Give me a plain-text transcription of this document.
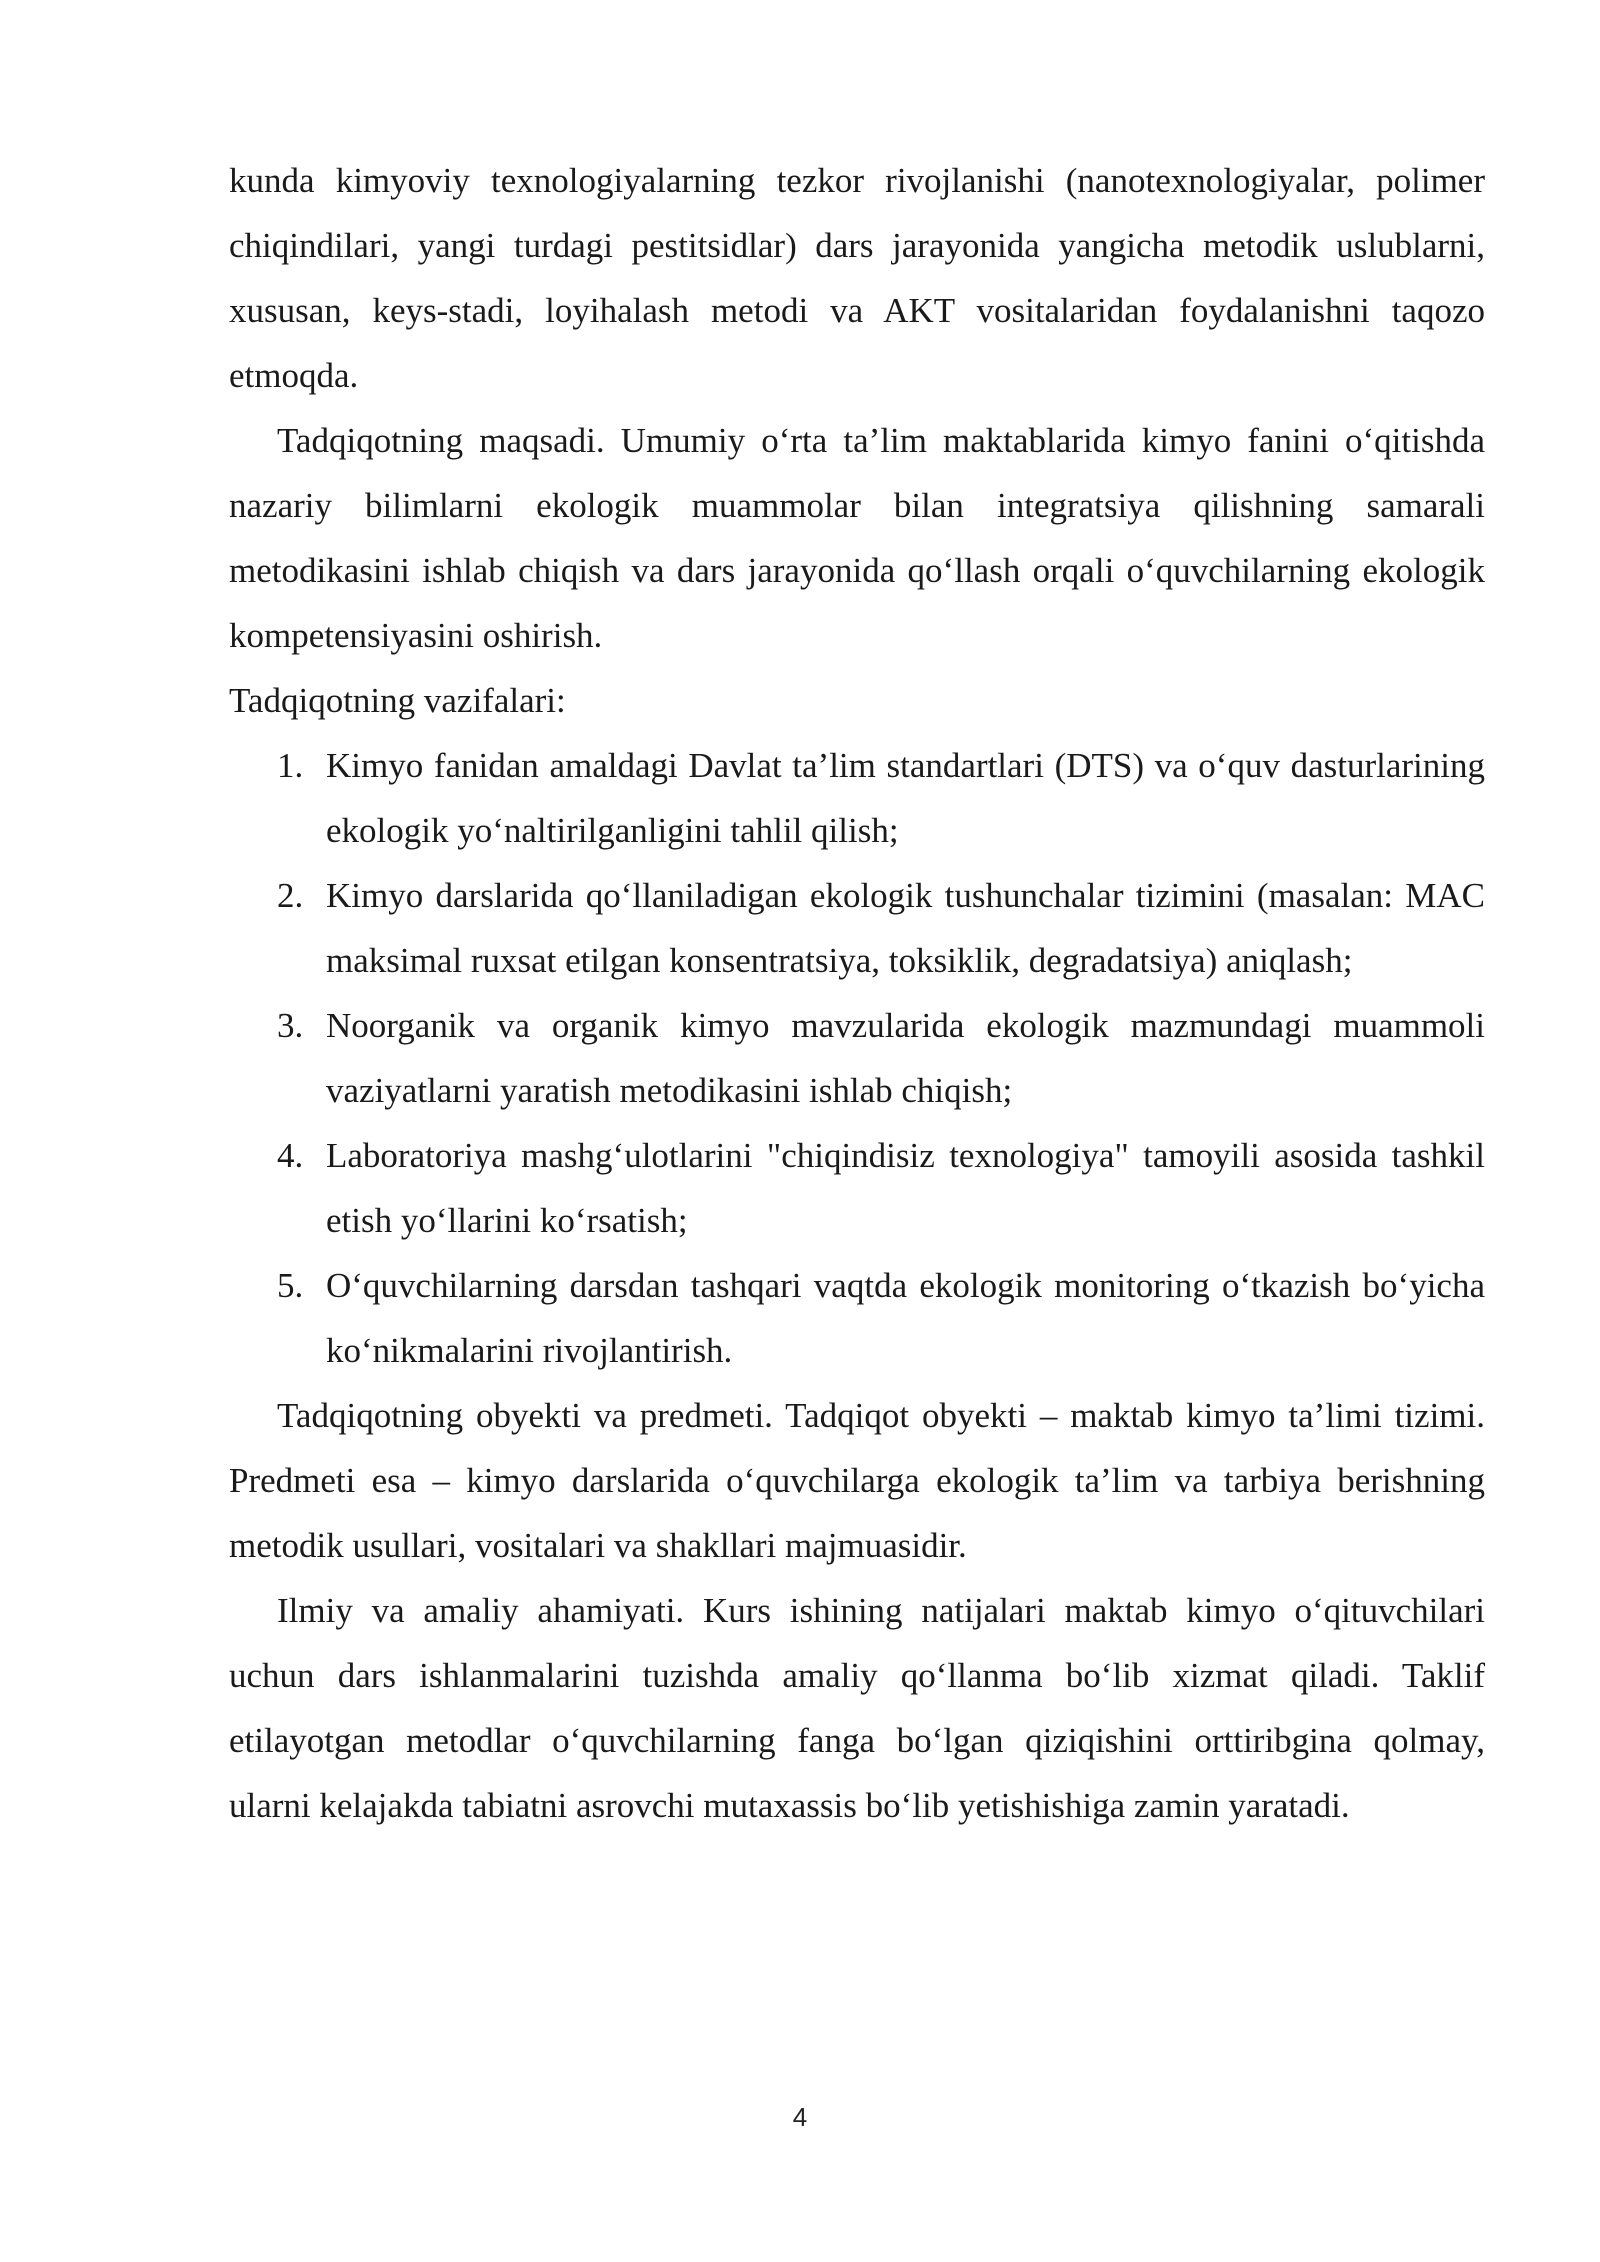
kunda kimyoviy texnologiyalarning tezkor rivojlanishi (nanotexnologiyalar, polimer chiqindilari, yangi turdagi pestitsidlar) dars jarayonida yangicha metodik uslublarni, xususan, keys-stadi, loyihalash metodi va AKT vositalaridan foydalanishni taqozo etmoqda.

Tadqiqotning maqsadi. Umumiy o‘rta ta’lim maktablarida kimyo fanini o‘qitishda nazariy bilimlarni ekologik muammolar bilan integratsiya qilishning samarali metodikasini ishlab chiqish va dars jarayonida qo‘llash orqali o‘quvchilarning ekologik kompetensiyasini oshirish.

Tadqiqotning vazifalari:

1. Kimyo fanidan amaldagi Davlat ta’lim standartlari (DTS) va o‘quv dasturlarining ekologik yo‘naltirilganligini tahlil qilish;
2. Kimyo darslarida qo‘llaniladigan ekologik tushunchalar tizimini (masalan: MAC maksimal ruxsat etilgan konsentratsiya, toksiklik, degradatsiya) aniqlash;
3. Noorganik va organik kimyo mavzularida ekologik mazmundagi muammoli vaziyatlarni yaratish metodikasini ishlab chiqish;
4. Laboratoriya mashg‘ulotlarini "chiqindisiz texnologiya" tamoyili asosida tashkil etish yo‘llarini ko‘rsatish;
5. O‘quvchilarning darsdan tashqari vaqtda ekologik monitoring o‘tkazish bo‘yicha ko‘nikmalarini rivojlantirish.

Tadqiqotning obyekti va predmeti. Tadqiqot obyekti – maktab kimyo ta’limi tizimi. Predmeti esa – kimyo darslarida o‘quvchilarga ekologik ta’lim va tarbiya berishning metodik usullari, vositalari va shakllari majmuasidir.

Ilmiy va amaliy ahamiyati. Kurs ishining natijalari maktab kimyo o‘qituvchilari uchun dars ishlanmalarini tuzishda amaliy qo‘llanma bo‘lib xizmat qiladi. Taklif etilayotgan metodlar o‘quvchilarning fanga bo‘lgan qiziqishini orttiribgina qolmay, ularni kelajakda tabiatni asrovchi mutaxassis bo‘lib yetishishiga zamin yaratadi.

4
